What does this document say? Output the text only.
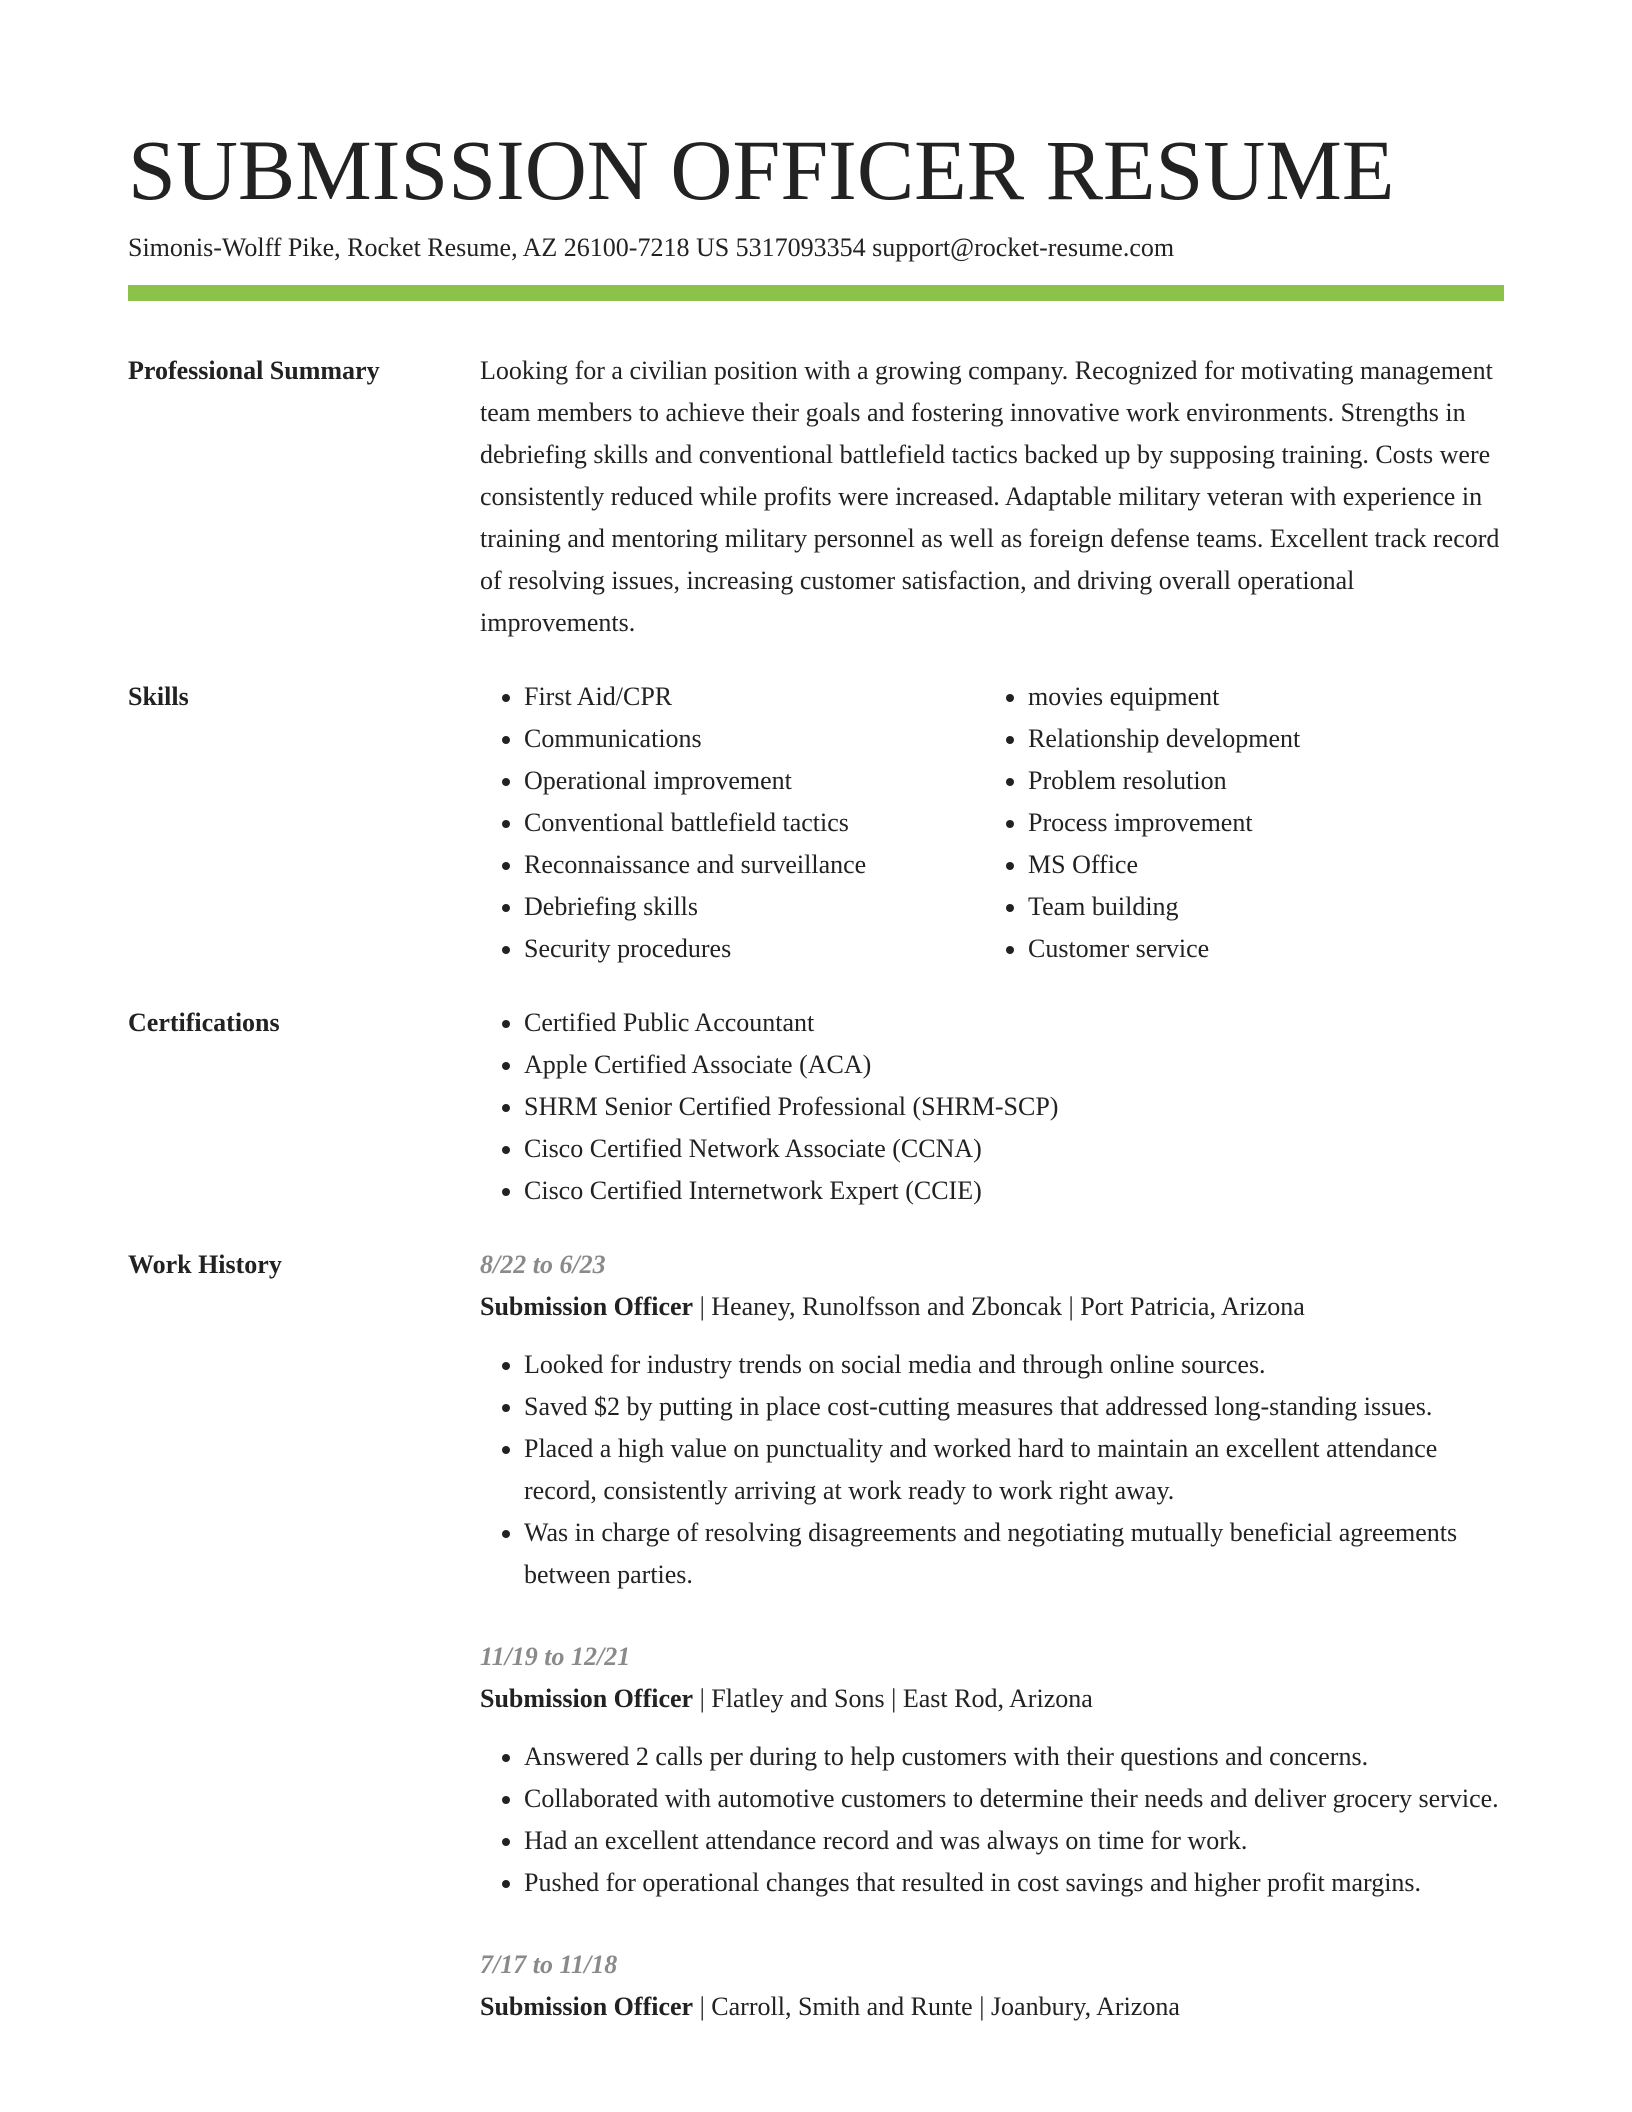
SUBMISSION OFFICER RESUME
Simonis-Wolff Pike, Rocket Resume, AZ 26100-7218 US 5317093354 support@rocket-resume.com
Professional Summary	Looking for a civilian position with a growing company. Recognized for motivating management team members to achieve their goals and fostering innovative work environments. Strengths in debriefing skills and conventional battlefield tactics backed up by supposing training. Costs were consistently reduced while profits were increased. Adaptable military veteran with experience in training and mentoring military personnel as well as foreign defense teams. Excellent track record of resolving issues, increasing customer satisfaction, and driving overall operational improvements.

Skills	• First Aid/CPR
• Communications
• Operational improvement
• Conventional battlefield tactics
• Reconnaissance and surveillance
• Debriefing skills
• Security procedures
• movies equipment
• Relationship development
• Problem resolution
• Process improvement
• MS Office
• Team building
• Customer service
Certifications	• Certified Public Accountant
• Apple Certified Associate (ACA)
• SHRM Senior Certified Professional (SHRM-SCP)
• Cisco Certified Network Associate (CCNA)
• Cisco Certified Internetwork Expert (CCIE)
Work History	8/22 to 6/23
Submission Officer | Heaney, Runolfsson and Zboncak | Port Patricia, Arizona
• Looked for industry trends on social media and through online sources.
• Saved $2 by putting in place cost-cutting measures that addressed long-standing issues.
• Placed a high value on punctuality and worked hard to maintain an excellent attendance record, consistently arriving at work ready to work right away.
• Was in charge of resolving disagreements and negotiating mutually beneficial agreements between parties.
11/19 to 12/21
Submission Officer | Flatley and Sons | East Rod, Arizona
• Answered 2 calls per during to help customers with their questions and concerns.
• Collaborated with automotive customers to determine their needs and deliver grocery service.
• Had an excellent attendance record and was always on time for work.
• Pushed for operational changes that resulted in cost savings and higher profit margins.
7/17 to 11/18
Submission Officer | Carroll, Smith and Runte | Joanbury, Arizona
